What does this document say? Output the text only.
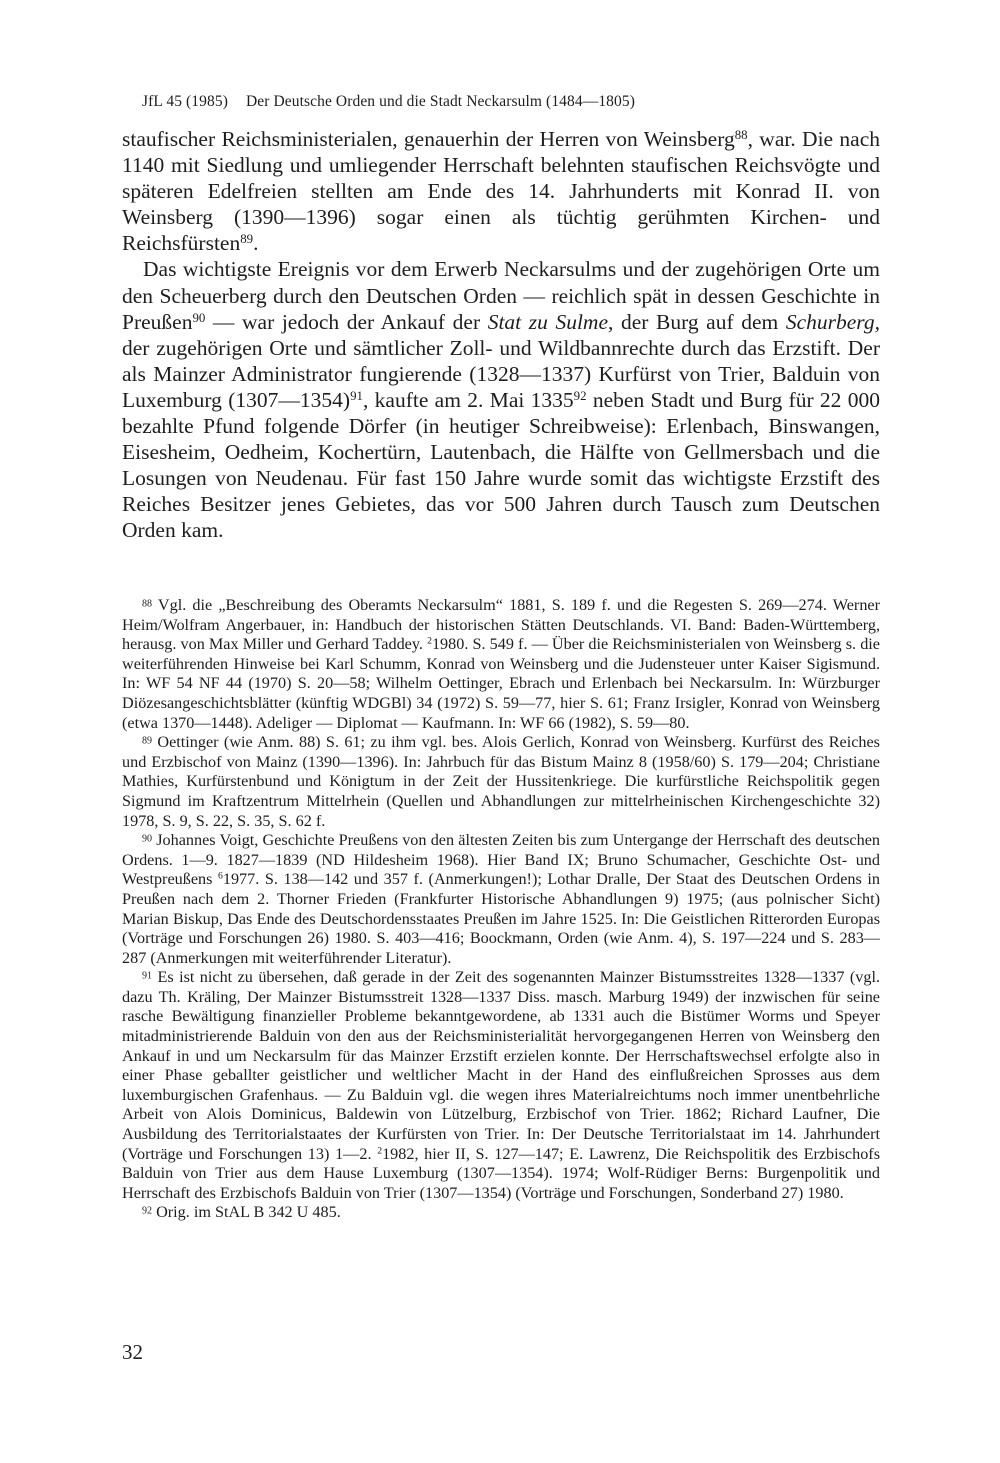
JfL 45 (1985) Der Deutsche Orden und die Stadt Neckarsulm (1484—1805)

staufischer Reichsministerialen, genauerhin der Herren von Weinsberg$^{88}$, war. Die nach 1140 mit Siedlung und umliegender Herrschaft belehnten staufischen Reichsvögte und späteren Edelfreien stellten am Ende des 14. Jahrhunderts mit Konrad II. von Weinsberg (1390—1396) sogar einen als tüchtig gerühmten Kirchen- und Reichsfürsten$^{89}$.

Das wichtigste Ereignis vor dem Erwerb Neckarsulms und der zugehörigen Orte um den Scheuerberg durch den Deutschen Orden — reichlich spät in dessen Geschichte in Preußen$^{90}$ — war jedoch der Ankauf der Stat zu Sulme, der Burg auf dem Schurberg, der zugehörigen Orte und sämtlicher Zoll- und Wildbannrechte durch das Erzstift. Der als Mainzer Administrator fungierende (1328—1337) Kurfürst von Trier, Balduin von Luxemburg (1307—1354)$^{91}$, kaufte am 2. Mai 1335$^{92}$ neben Stadt und Burg für 22 000 bezahlte Pfund folgende Dörfer (in heutiger Schreibweise): Erlenbach, Binswangen, Eisesheim, Oedheim, Kochertürn, Lautenbach, die Hälfte von Gellmersbach und die Losungen von Neudenau. Für fast 150 Jahre wurde somit das wichtigste Erzstift des Reiches Besitzer jenes Gebietes, das vor 500 Jahren durch Tausch zum Deutschen Orden kam.

$^{88}$ Vgl. die „Beschreibung des Oberamts Neckarsulm“ 1881, S. 189 f. und die Regesten S. 269—274. Werner Heim/Wolfram Angerbauer, in: Handbuch der historischen Stätten Deutschlands. VI. Band: Baden-Württemberg, herausg. von Max Miller und Gerhard Taddey. $^2$1980. S. 549 f. — Über die Reichsministerialen von Weinsberg s. die weiterführenden Hinweise bei Karl Schumm, Konrad von Weinsberg und die Judensteuer unter Kaiser Sigismund. In: WF 54 NF 44 (1970) S. 20—58; Wilhelm Oettinger, Ebrach und Erlenbach bei Neckarsulm. In: Würzburger Diözesangeschichtsblätter (künftig WDGBl) 34 (1972) S. 59—77, hier S. 61; Franz Irsigler, Konrad von Weinsberg (etwa 1370—1448). Adeliger — Diplomat — Kaufmann. In: WF 66 (1982), S. 59—80.

$^{89}$ Oettinger (wie Anm. 88) S. 61; zu ihm vgl. bes. Alois Gerlich, Konrad von Weinsberg. Kurfürst des Reiches und Erzbischof von Mainz (1390—1396). In: Jahrbuch für das Bistum Mainz 8 (1958/60) S. 179—204; Christiane Mathies, Kurfürstenbund und Königtum in der Zeit der Hussitenkriege. Die kurfürstliche Reichspolitik gegen Sigmund im Kraftzentrum Mittelrhein (Quellen und Abhandlungen zur mittelrheinischen Kirchengeschichte 32) 1978, S. 9, S. 22, S. 35, S. 62 f.

$^{90}$ Johannes Voigt, Geschichte Preußens von den ältesten Zeiten bis zum Untergange der Herrschaft des deutschen Ordens. 1—9. 1827—1839 (ND Hildesheim 1968). Hier Band IX; Bruno Schumacher, Geschichte Ost- und Westpreußens $^6$1977. S. 138—142 und 357 f. (Anmerkungen!); Lothar Dralle, Der Staat des Deutschen Ordens in Preußen nach dem 2. Thorner Frieden (Frankfurter Historische Abhandlungen 9) 1975; (aus polnischer Sicht) Marian Biskup, Das Ende des Deutschordensstaates Preußen im Jahre 1525. In: Die Geistlichen Ritterorden Europas (Vorträge und Forschungen 26) 1980. S. 403—416; Boockmann, Orden (wie Anm. 4), S. 197—224 und S. 283—287 (Anmerkungen mit weiterführender Literatur).

$^{91}$ Es ist nicht zu übersehen, daß gerade in der Zeit des sogenannten Mainzer Bistumsstreites 1328—1337 (vgl. dazu Th. Kräling, Der Mainzer Bistumsstreit 1328—1337 Diss. masch. Marburg 1949) der inzwischen für seine rasche Bewältigung finanzieller Probleme bekanntgewordene, ab 1331 auch die Bistümer Worms und Speyer mitadministrierende Balduin von den aus der Reichsministerialität hervorgegangenen Herren von Weinsberg den Ankauf in und um Neckarsulm für das Mainzer Erzstift erzielen konnte. Der Herrschaftswechsel erfolgte also in einer Phase geballter geistlicher und weltlicher Macht in der Hand des einflußreichen Sprosses aus dem luxemburgischen Grafenhaus. — Zu Balduin vgl. die wegen ihres Materialreichtums noch immer unentbehrliche Arbeit von Alois Dominicus, Baldewin von Lützelburg, Erzbischof von Trier. 1862; Richard Laufner, Die Ausbildung des Territorialstaates der Kurfürsten von Trier. In: Der Deutsche Territorialstaat im 14. Jahrhundert (Vorträge und Forschungen 13) 1—2. $^2$1982, hier II, S. 127—147; E. Lawrenz, Die Reichspolitik des Erzbischofs Balduin von Trier aus dem Hause Luxemburg (1307—1354). 1974; Wolf-Rüdiger Berns: Burgenpolitik und Herrschaft des Erzbischofs Balduin von Trier (1307—1354) (Vorträge und Forschungen, Sonderband 27) 1980.

$^{92}$ Orig. im StAL B 342 U 485.

32
